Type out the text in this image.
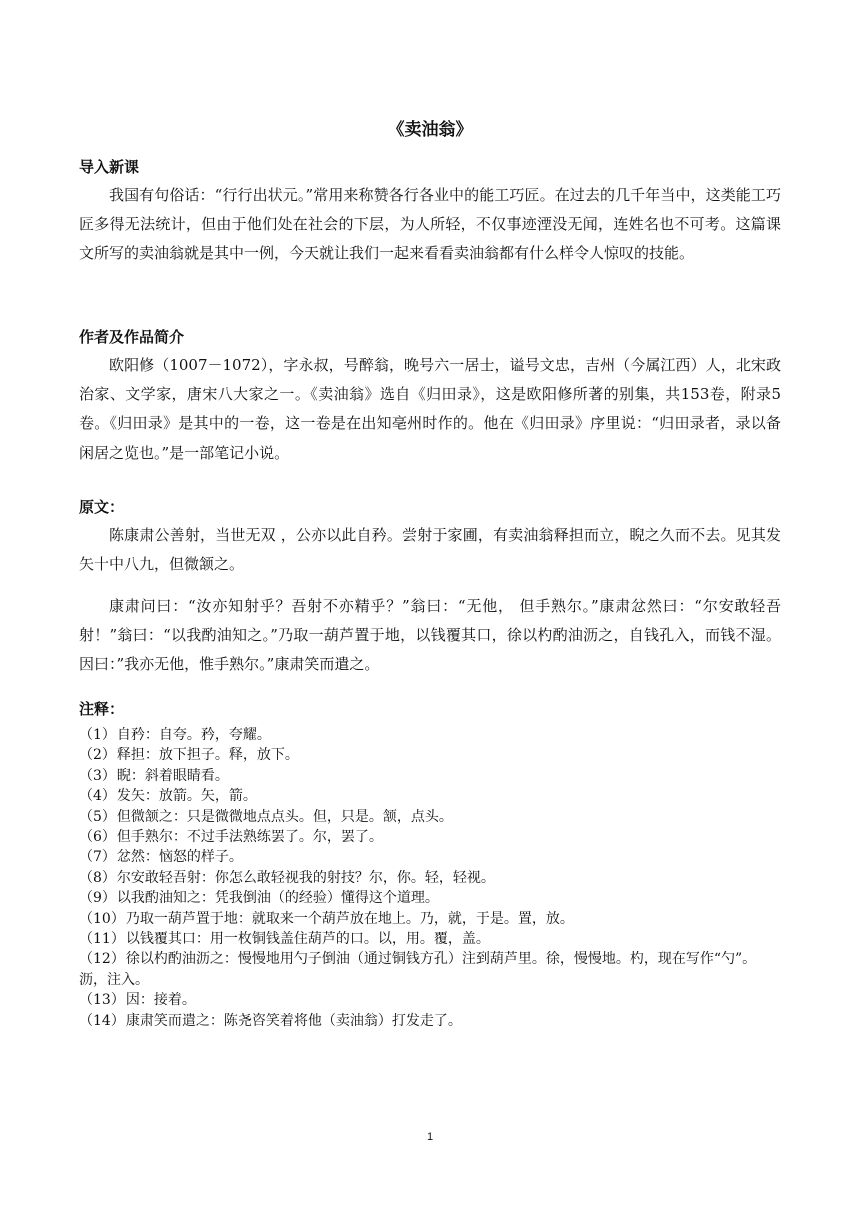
《卖油翁》
导入新课
我国有句俗话：“行行出状元。”常用来称赞各行各业中的能工巧匠。在过去的几千年当中，这类能工巧匠多得无法统计，但由于他们处在社会的下层，为人所轻，不仅事迹湮没无闻，连姓名也不可考。这篇课文所写的卖油翁就是其中一例，今天就让我们一起来看看卖油翁都有什么样令人惊叹的技能。
作者及作品简介
欧阳修（1007－1072），字永叔，号醉翁，晚号六一居士，谥号文忠，吉州（今属江西）人，北宋政治家、文学家，唐宋八大家之一。《卖油翁》选自《归田录》，这是欧阳修所著的别集，共153卷，附录5卷。《归田录》是其中的一卷，这一卷是在出知亳州时作的。他在《归田录》序里说：“归田录者，录以备闲居之览也。”是一部笔记小说。
原文：
陈康肃公善射，当世无双 ，公亦以此自矜。尝射于家圃，有卖油翁释担而立，睨之久而不去。见其发矢十中八九，但微颔之。
康肃问曰：“汝亦知射乎？吾射不亦精乎？”翁曰：“无他， 但手熟尔。”康肃忿然曰：“尔安敢轻吾射！”翁曰：“以我酌油知之。”乃取一葫芦置于地，以钱覆其口，徐以杓酌油沥之，自钱孔入，而钱不湿。因曰：”我亦无他，惟手熟尔。”康肃笑而遣之。
注释：
（1）自矜：自夸。矜，夸耀。
（2）释担：放下担子。释，放下。
（3）睨：斜着眼睛看。
（4）发矢：放箭。矢，箭。
（5）但微颔之：只是微微地点点头。但，只是。颔，点头。
（6）但手熟尔：不过手法熟练罢了。尔，罢了。
（7）忿然：恼怒的样子。
（8）尔安敢轻吾射：你怎么敢轻视我的射技？尔，你。轻，轻视。
（9）以我酌油知之：凭我倒油（的经验）懂得这个道理。
（10）乃取一葫芦置于地：就取来一个葫芦放在地上。乃，就，于是。置，放。
（11）以钱覆其口：用一枚铜钱盖住葫芦的口。以，用。覆，盖。
（12）徐以杓酌油沥之：慢慢地用勺子倒油（通过铜钱方孔）注到葫芦里。徐，慢慢地。杓，现在写作“勺”。沥，注入。
（13）因：接着。
（14）康肃笑而遣之：陈尧咨笑着将他（卖油翁）打发走了。
1
